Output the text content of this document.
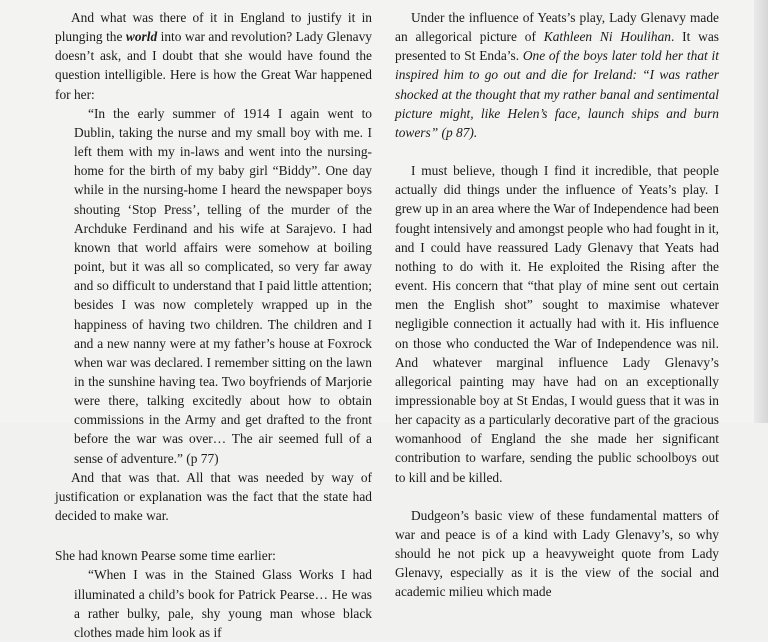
And what was there of it in England to justify it in plunging the world into war and revolution? Lady Glenavy doesn’t ask, and I doubt that she would have found the question intelligible. Here is how the Great War happened for her:

“In the early summer of 1914 I again went to Dublin, taking the nurse and my small boy with me. I left them with my in-laws and went into the nursing-home for the birth of my baby girl “Biddy”. One day while in the nursing-home I heard the newspaper boys shouting ‘Stop Press’, telling of the murder of the Archduke Ferdinand and his wife at Sarajevo. I had known that world affairs were somehow at boiling point, but it was all so complicated, so very far away and so difficult to understand that I paid little attention; besides I was now completely wrapped up in the happiness of having two children. The children and I and a new nanny were at my father’s house at Foxrock when war was declared. I remember sitting on the lawn in the sunshine having tea. Two boyfriends of Marjorie were there, talking excitedly about how to obtain commissions in the Army and get drafted to the front before the war was over… The air seemed full of a sense of adventure.” (p 77)

And that was that. All that was needed by way of justification or explanation was the fact that the state had decided to make war.

She had known Pearse some time earlier:

“When I was in the Stained Glass Works I had illuminated a child’s book for Patrick Pearse… He was a rather bulky, pale, shy young man whose black clothes made him look as if

Under the influence of Yeats’s play, Lady Glenavy made an allegorical picture of Kathleen Ni Houlihan. It was presented to St Enda’s. One of the boys later told her that it inspired him to go out and die for Ireland: “I was rather shocked at the thought that my rather banal and sentimental picture might, like Helen’s face, launch ships and burn towers” (p 87).

I must believe, though I find it incredible, that people actually did things under the influence of Yeats’s play. I grew up in an area where the War of Independence had been fought intensively and amongst people who had fought in it, and I could have reassured Lady Glenavy that Yeats had nothing to do with it. He exploited the Rising after the event. His concern that “that play of mine sent out certain men the English shot” sought to maximise whatever negligible connection it actually had with it. His influence on those who conducted the War of Independence was nil. And whatever marginal influence Lady Glenavy’s allegorical painting may have had on an exceptionally impressionable boy at St Endas, I would guess that it was in her capacity as a particularly decorative part of the gracious womanhood of England the she made her significant contribution to warfare, sending the public schoolboys out to kill and be killed.

Dudgeon’s basic view of these fundamental matters of war and peace is of a kind with Lady Glenavy’s, so why should he not pick up a heavyweight quote from Lady Glenavy, especially as it is the view of the social and academic milieu which made
